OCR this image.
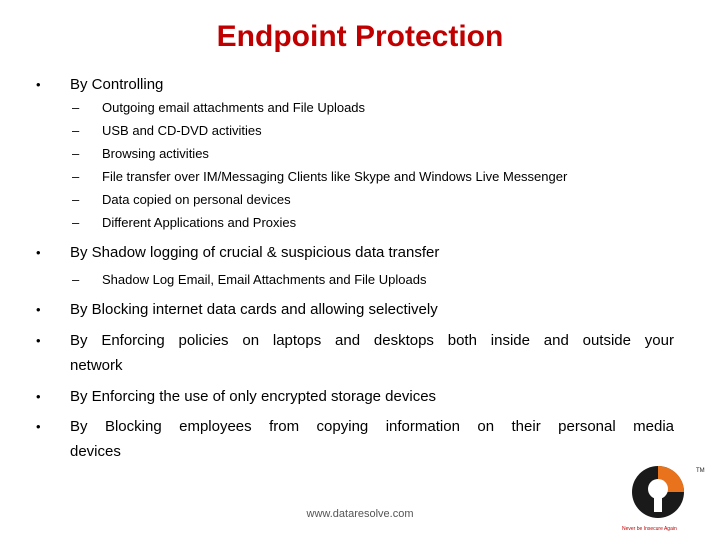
Endpoint Protection
• By Controlling
– Outgoing email attachments and File Uploads
– USB and CD-DVD activities
– Browsing activities
– File transfer over IM/Messaging Clients like Skype and Windows Live Messenger
– Data copied on personal devices
– Different Applications and Proxies
• By Shadow logging of crucial & suspicious data transfer
– Shadow Log Email, Email Attachments and File Uploads
• By Blocking internet data cards and allowing selectively
• By Enforcing policies on laptops and desktops both inside and outside your
network
• By Enforcing the use of only encrypted storage devices
• By Blocking employees from copying information on their personal media
devices
www.dataresolve.com
TM
Never be Insecure Again
